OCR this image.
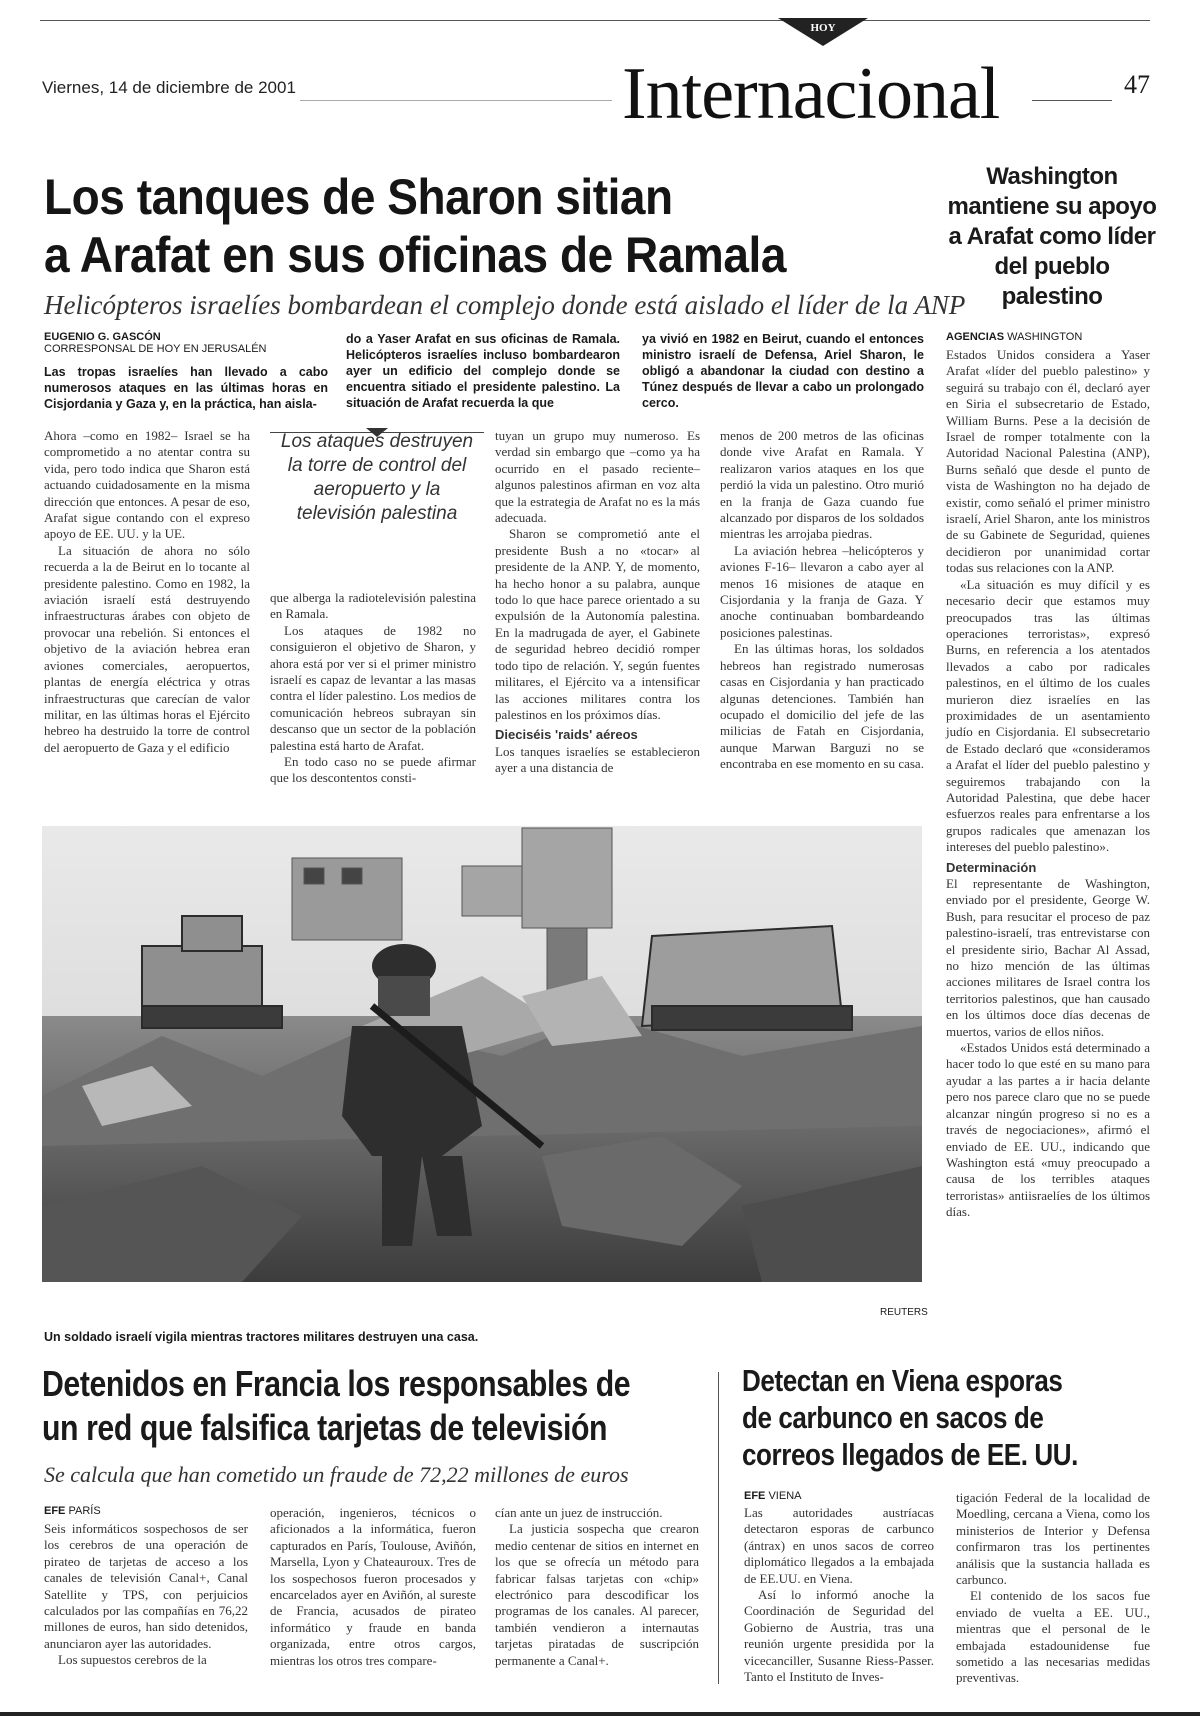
HOY
Viernes, 14 de diciembre de 2001	Internacional	47
Los tanques de Sharon sitian
a Arafat en sus oficinas de Ramala
Helicópteros israelíes bombardean el complejo donde está aislado el líder de la ANP
EUGENIO G. GASCÓN
CORRESPONSAL DE HOY EN JERUSALÉN
Las tropas israelíes han llevado a cabo numerosos ataques en las últimas horas en Cisjordania y Gaza y, en la práctica, han aisla-
do a Yaser Arafat en sus oficinas de Ramala. Helicópteros israelíes incluso bombardearon ayer un edificio del complejo donde se encuentra sitiado el presidente palestino. La situación de Arafat recuerda la que
ya vivió en 1982 en Beirut, cuando el entonces ministro israelí de Defensa, Ariel Sharon, le obligó a abandonar la ciudad con destino a Túnez después de llevar a cabo un prolongado cerco.

Ahora –como en 1982– Israel se ha comprometido a no atentar contra su vida, pero todo indica que Sharon está actuando cuidadosamente en la misma dirección que entonces. A pesar de eso, Arafat sigue contando con el expreso apoyo de EE. UU. y la UE.

La situación de ahora no sólo recuerda a la de Beirut en lo tocante al presidente palestino. Como en 1982, la aviación israelí está destruyendo infraestructuras árabes con objeto de provocar una rebelión. Si entonces el objetivo de la aviación hebrea eran aviones comerciales, aeropuertos, plantas de energía eléctrica y otras infraestructuras que carecían de valor militar, en las últimas horas el Ejército hebreo ha destruido la torre de control del aeropuerto de Gaza y el edificio

Los ataques destruyen la torre de control del aeropuerto y la televisión palestina

que alberga la radiotelevisión palestina en Ramala.

Los ataques de 1982 no consiguieron el objetivo de Sharon, y ahora está por ver si el primer ministro israelí es capaz de levantar a las masas contra el líder palestino. Los medios de comunicación hebreos subrayan sin descanso que un sector de la población palestina está harto de Arafat.

En todo caso no se puede afirmar que los descontentos consti-

tuyan un grupo muy numeroso. Es verdad sin embargo que –como ya ha ocurrido en el pasado reciente– algunos palestinos afirman en voz alta que la estrategia de Arafat no es la más adecuada.

Sharon se comprometió ante el presidente Bush a no «tocar» al presidente de la ANP. Y, de momento, ha hecho honor a su palabra, aunque todo lo que hace parece orientado a su expulsión de la Autonomía palestina. En la madrugada de ayer, el Gabinete de seguridad hebreo decidió romper todo tipo de relación. Y, según fuentes militares, el Ejército va a intensificar las acciones militares contra los palestinos en los próximos días.

Dieciséis 'raids' aéreos

Los tanques israelíes se establecieron ayer a una distancia de

menos de 200 metros de las oficinas donde vive Arafat en Ramala. Y realizaron varios ataques en los que perdió la vida un palestino. Otro murió en la franja de Gaza cuando fue alcanzado por disparos de los soldados mientras les arrojaba piedras.

La aviación hebrea –helicópteros y aviones F-16– llevaron a cabo ayer al menos 16 misiones de ataque en Cisjordania y la franja de Gaza. Y anoche continuaban bombardeando posiciones palestinas.

En las últimas horas, los soldados hebreos han registrado numerosas casas en Cisjordania y han practicado algunas detenciones. También han ocupado el domicilio del jefe de las milicias de Fatah en Cisjordania, aunque Marwan Barguzi no se encontraba en ese momento en su casa.

REUTERS
Un soldado israelí vigila mientras tractores militares destruyen una casa.
Washington mantiene su apoyo a Arafat como líder del pueblo palestino
AGENCIAS WASHINGTON

Estados Unidos considera a Yaser Arafat «líder del pueblo palestino» y seguirá su trabajo con él, declaró ayer en Siria el subsecretario de Estado, William Burns. Pese a la decisión de Israel de romper totalmente con la Autoridad Nacional Palestina (ANP), Burns señaló que desde el punto de vista de Washington no ha dejado de existir, como señaló el primer ministro israelí, Ariel Sharon, ante los ministros de su Gabinete de Seguridad, quienes decidieron por unanimidad cortar todas sus relaciones con la ANP.

«La situación es muy difícil y es necesario decir que estamos muy preocupados tras las últimas operaciones terroristas», expresó Burns, en referencia a los atentados llevados a cabo por radicales palestinos, en el último de los cuales murieron diez israelíes en las proximidades de un asentamiento judío en Cisjordania. El subsecretario de Estado declaró que «consideramos a Arafat el líder del pueblo palestino y seguiremos trabajando con la Autoridad Palestina, que debe hacer esfuerzos reales para enfrentarse a los grupos radicales que amenazan los intereses del pueblo palestino».

Determinación

El representante de Washington, enviado por el presidente, George W. Bush, para resucitar el proceso de paz palestino-israelí, tras entrevistarse con el presidente sirio, Bachar Al Assad, no hizo mención de las últimas acciones militares de Israel contra los territorios palestinos, que han causado en los últimos doce días decenas de muertos, varios de ellos niños.

«Estados Unidos está determinado a hacer todo lo que esté en su mano para ayudar a las partes a ir hacia delante pero nos parece claro que no se puede alcanzar ningún progreso si no es a través de negociaciones», afirmó el enviado de EE. UU., indicando que Washington está «muy preocupado a causa de los terribles ataques terroristas» antiisraelíes de los últimos días.

Detenidos en Francia los responsables de
un red que falsifica tarjetas de televisión
Se calcula que han cometido un fraude de 72,22 millones de euros
EFE PARÍS

Seis informáticos sospechosos de ser los cerebros de una operación de pirateo de tarjetas de acceso a los canales de televisión Canal+, Canal Satellite y TPS, con perjuicios calculados por las compañías en 76,22 millones de euros, han sido detenidos, anunciaron ayer las autoridades.

Los supuestos cerebros de la

operación, ingenieros, técnicos o aficionados a la informática, fueron capturados en París, Toulouse, Aviñón, Marsella, Lyon y Chateauroux. Tres de los sospechosos fueron procesados y encarcelados ayer en Aviñón, al sureste de Francia, acusados de pirateo informático y fraude en banda organizada, entre otros cargos, mientras los otros tres compare-

cían ante un juez de instrucción.

La justicia sospecha que crearon medio centenar de sitios en internet en los que se ofrecía un método para fabricar falsas tarjetas con «chip» electrónico para descodificar los programas de los canales. Al parecer, también vendieron a internautas tarjetas piratadas de suscripción permanente a Canal+.

Detectan en Viena esporas
de carbunco en sacos de
correos llegados de EE. UU.
EFE VIENA

Las autoridades austríacas detectaron esporas de carbunco (ántrax) en unos sacos de correo diplomático llegados a la embajada de EE.UU. en Viena.

Así lo informó anoche la Coordinación de Seguridad del Gobierno de Austria, tras una reunión urgente presidida por la vicecanciller, Susanne Riess-Passer. Tanto el Instituto de Inves-

tigación Federal de la localidad de Moedling, cercana a Viena, como los ministerios de Interior y Defensa confirmaron tras los pertinentes análisis que la sustancia hallada es carbunco.

El contenido de los sacos fue enviado de vuelta a EE. UU., mientras que el personal de le embajada estadounidense fue sometido a las necesarias medidas preventivas.
